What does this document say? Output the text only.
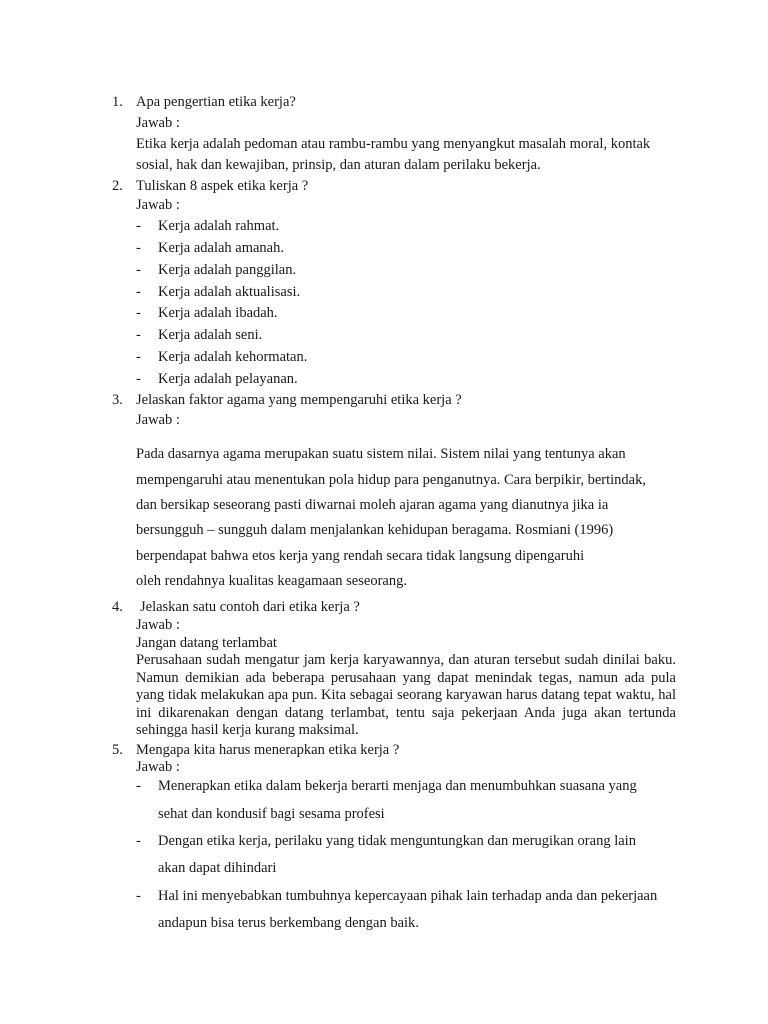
1. Apa pengertian etika kerja?
Jawab :
Etika kerja adalah pedoman atau rambu-rambu yang menyangkut masalah moral, kontak
sosial, hak dan kewajiban, prinsip, dan aturan dalam perilaku bekerja.
2. Tuliskan 8 aspek etika kerja ?
Jawab :
- Kerja adalah rahmat.
- Kerja adalah amanah.
- Kerja adalah panggilan.
- Kerja adalah aktualisasi.
- Kerja adalah ibadah.
- Kerja adalah seni.
- Kerja adalah kehormatan.
- Kerja adalah pelayanan.
3. Jelaskan faktor agama yang mempengaruhi etika kerja ?
Jawab :
Pada dasarnya agama merupakan suatu sistem nilai. Sistem nilai yang tentunya akan
mempengaruhi atau menentukan pola hidup para penganutnya. Cara berpikir, bertindak,
dan bersikap seseorang pasti diwarnai moleh ajaran agama yang dianutnya jika ia
bersungguh – sungguh dalam menjalankan kehidupan beragama. Rosmiani (1996)
berpendapat bahwa etos kerja yang rendah secara tidak langsung dipengaruhi
oleh rendahnya kualitas keagamaan seseorang.
4. Jelaskan satu contoh dari etika kerja ?
Jawab :
Jangan datang terlambat
Perusahaan sudah mengatur jam kerja karyawannya, dan aturan tersebut sudah dinilai baku. Namun demikian ada beberapa perusahaan yang dapat menindak tegas, namun ada pula yang tidak melakukan apa pun. Kita sebagai seorang karyawan harus datang tepat waktu, hal ini dikarenakan dengan datang terlambat, tentu saja pekerjaan Anda juga akan tertunda sehingga hasil kerja kurang maksimal.
5. Mengapa kita harus menerapkan etika kerja ?
Jawab :
- Menerapkan etika dalam bekerja berarti menjaga dan menumbuhkan suasana yang
sehat dan kondusif bagi sesama profesi
- Dengan etika kerja, perilaku yang tidak menguntungkan dan merugikan orang lain
akan dapat dihindari
- Hal ini menyebabkan tumbuhnya kepercayaan pihak lain terhadap anda dan pekerjaan
andapun bisa terus berkembang dengan baik.
